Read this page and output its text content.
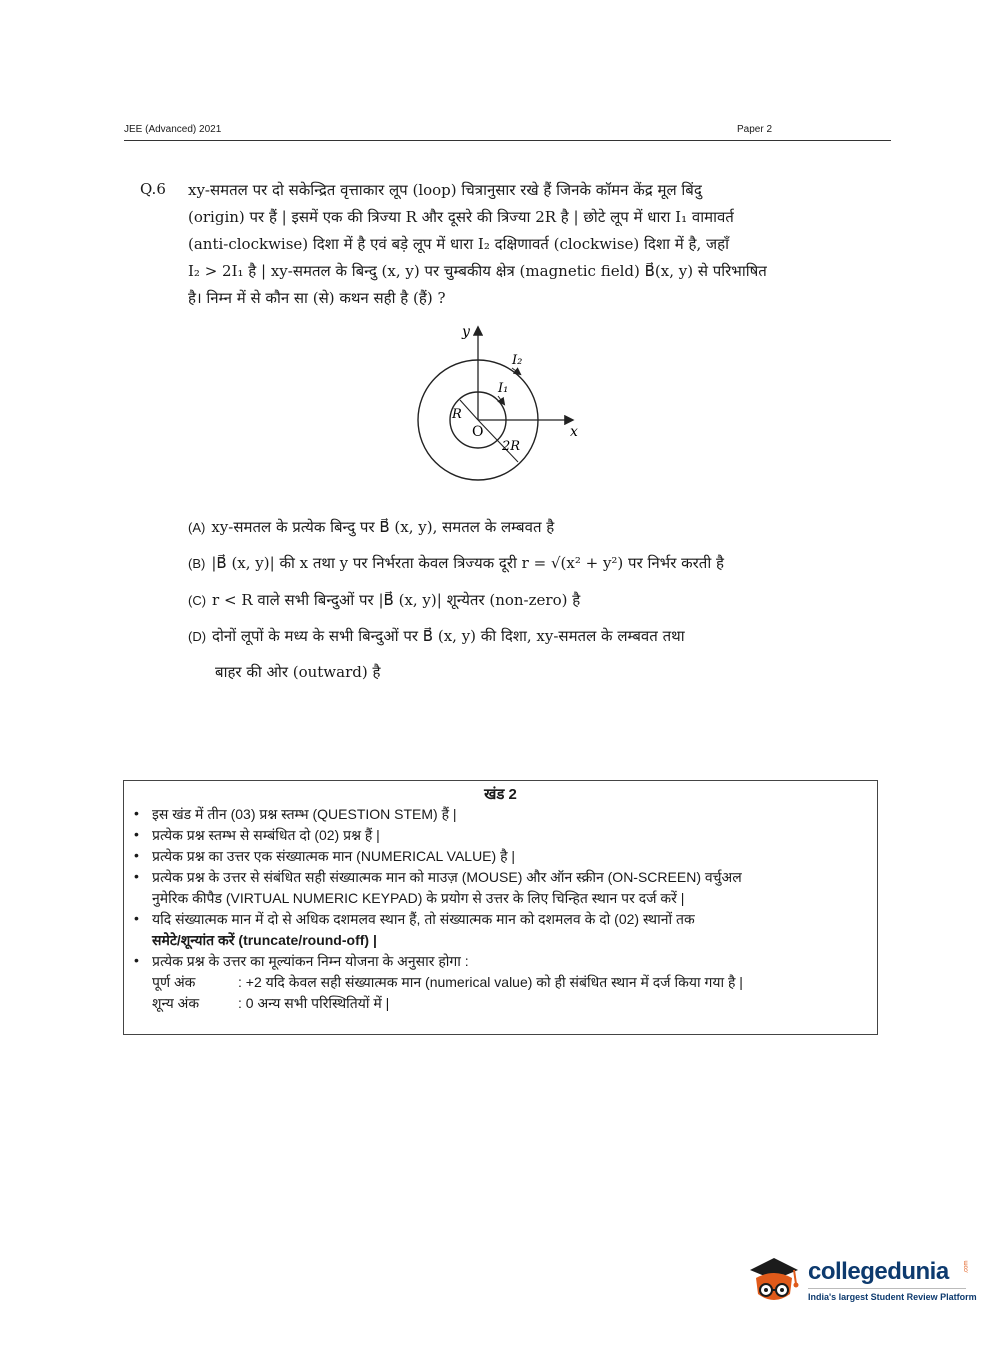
JEE (Advanced) 2021	Paper 2
Q.6 xy-समतल पर दो सकेन्द्रित वृत्ताकार लूप (loop) चित्रानुसार रखे हैं जिनके कॉमन केंद्र मूल बिंदु
(origin) पर हैं | इसमें एक की त्रिज्या R और दूसरे की त्रिज्या 2R है | छोटे लूप में धारा I₁ वामावर्त
(anti-clockwise) दिशा में है एवं बड़े लूप में धारा I₂ दक्षिणावर्त (clockwise) दिशा में है, जहाँ
I₂ > 2I₁ है | xy-समतल के बिन्दु (x, y) पर चुम्बकीय क्षेत्र (magnetic field) B⃗(x, y) से परिभाषित
है। निम्न में से कौन सा (से) कथन सही है (हैं) ?
y
x
O
R
2R
I₁
I₂
(A) xy-समतल के प्रत्येक बिन्दु पर B⃗ (x, y), समतल के लम्बवत है
(B) |B⃗ (x, y)| की x तथा y पर निर्भरता केवल त्रिज्यक दूरी r = √(x² + y²) पर निर्भर करती है
(C) r < R वाले सभी बिन्दुओं पर |B⃗ (x, y)| शून्येतर (non-zero) है
(D) दोनों लूपों के मध्य के सभी बिन्दुओं पर B⃗ (x, y) की दिशा, xy-समतल के लम्बवत तथा
बाहर की ओर (outward) है
खंड 2
• इस खंड में तीन (03) प्रश्न स्तम्भ (QUESTION STEM) हैं |
• प्रत्येक प्रश्न स्तम्भ से सम्बंधित दो (02) प्रश्न हैं |
• प्रत्येक प्रश्न का उत्तर एक संख्यात्मक मान (NUMERICAL VALUE) है |
• प्रत्येक प्रश्न के उत्तर से संबंधित सही संख्यात्मक मान को माउज़ (MOUSE) और ऑन स्क्रीन (ON-SCREEN) वर्चुअल
नुमेरिक कीपैड (VIRTUAL NUMERIC KEYPAD) के प्रयोग से उत्तर के लिए चिन्हित स्थान पर दर्ज करें |
• यदि संख्यात्मक मान में दो से अधिक दशमलव स्थान हैं, तो संख्यात्मक मान को दशमलव के दो (02) स्थानों तक
समेटे/शून्यांत करें (truncate/round-off) |
• प्रत्येक प्रश्न के उत्तर का मूल्यांकन निम्न योजना के अनुसार होगा :
पूर्ण अंक	: +2 यदि केवल सही संख्यात्मक मान (numerical value) को ही संबंधित स्थान में दर्ज किया गया है |
शून्य अंक	: 0 अन्य सभी परिस्थितियों में |
collegedunia .com
India's largest Student Review Platform
